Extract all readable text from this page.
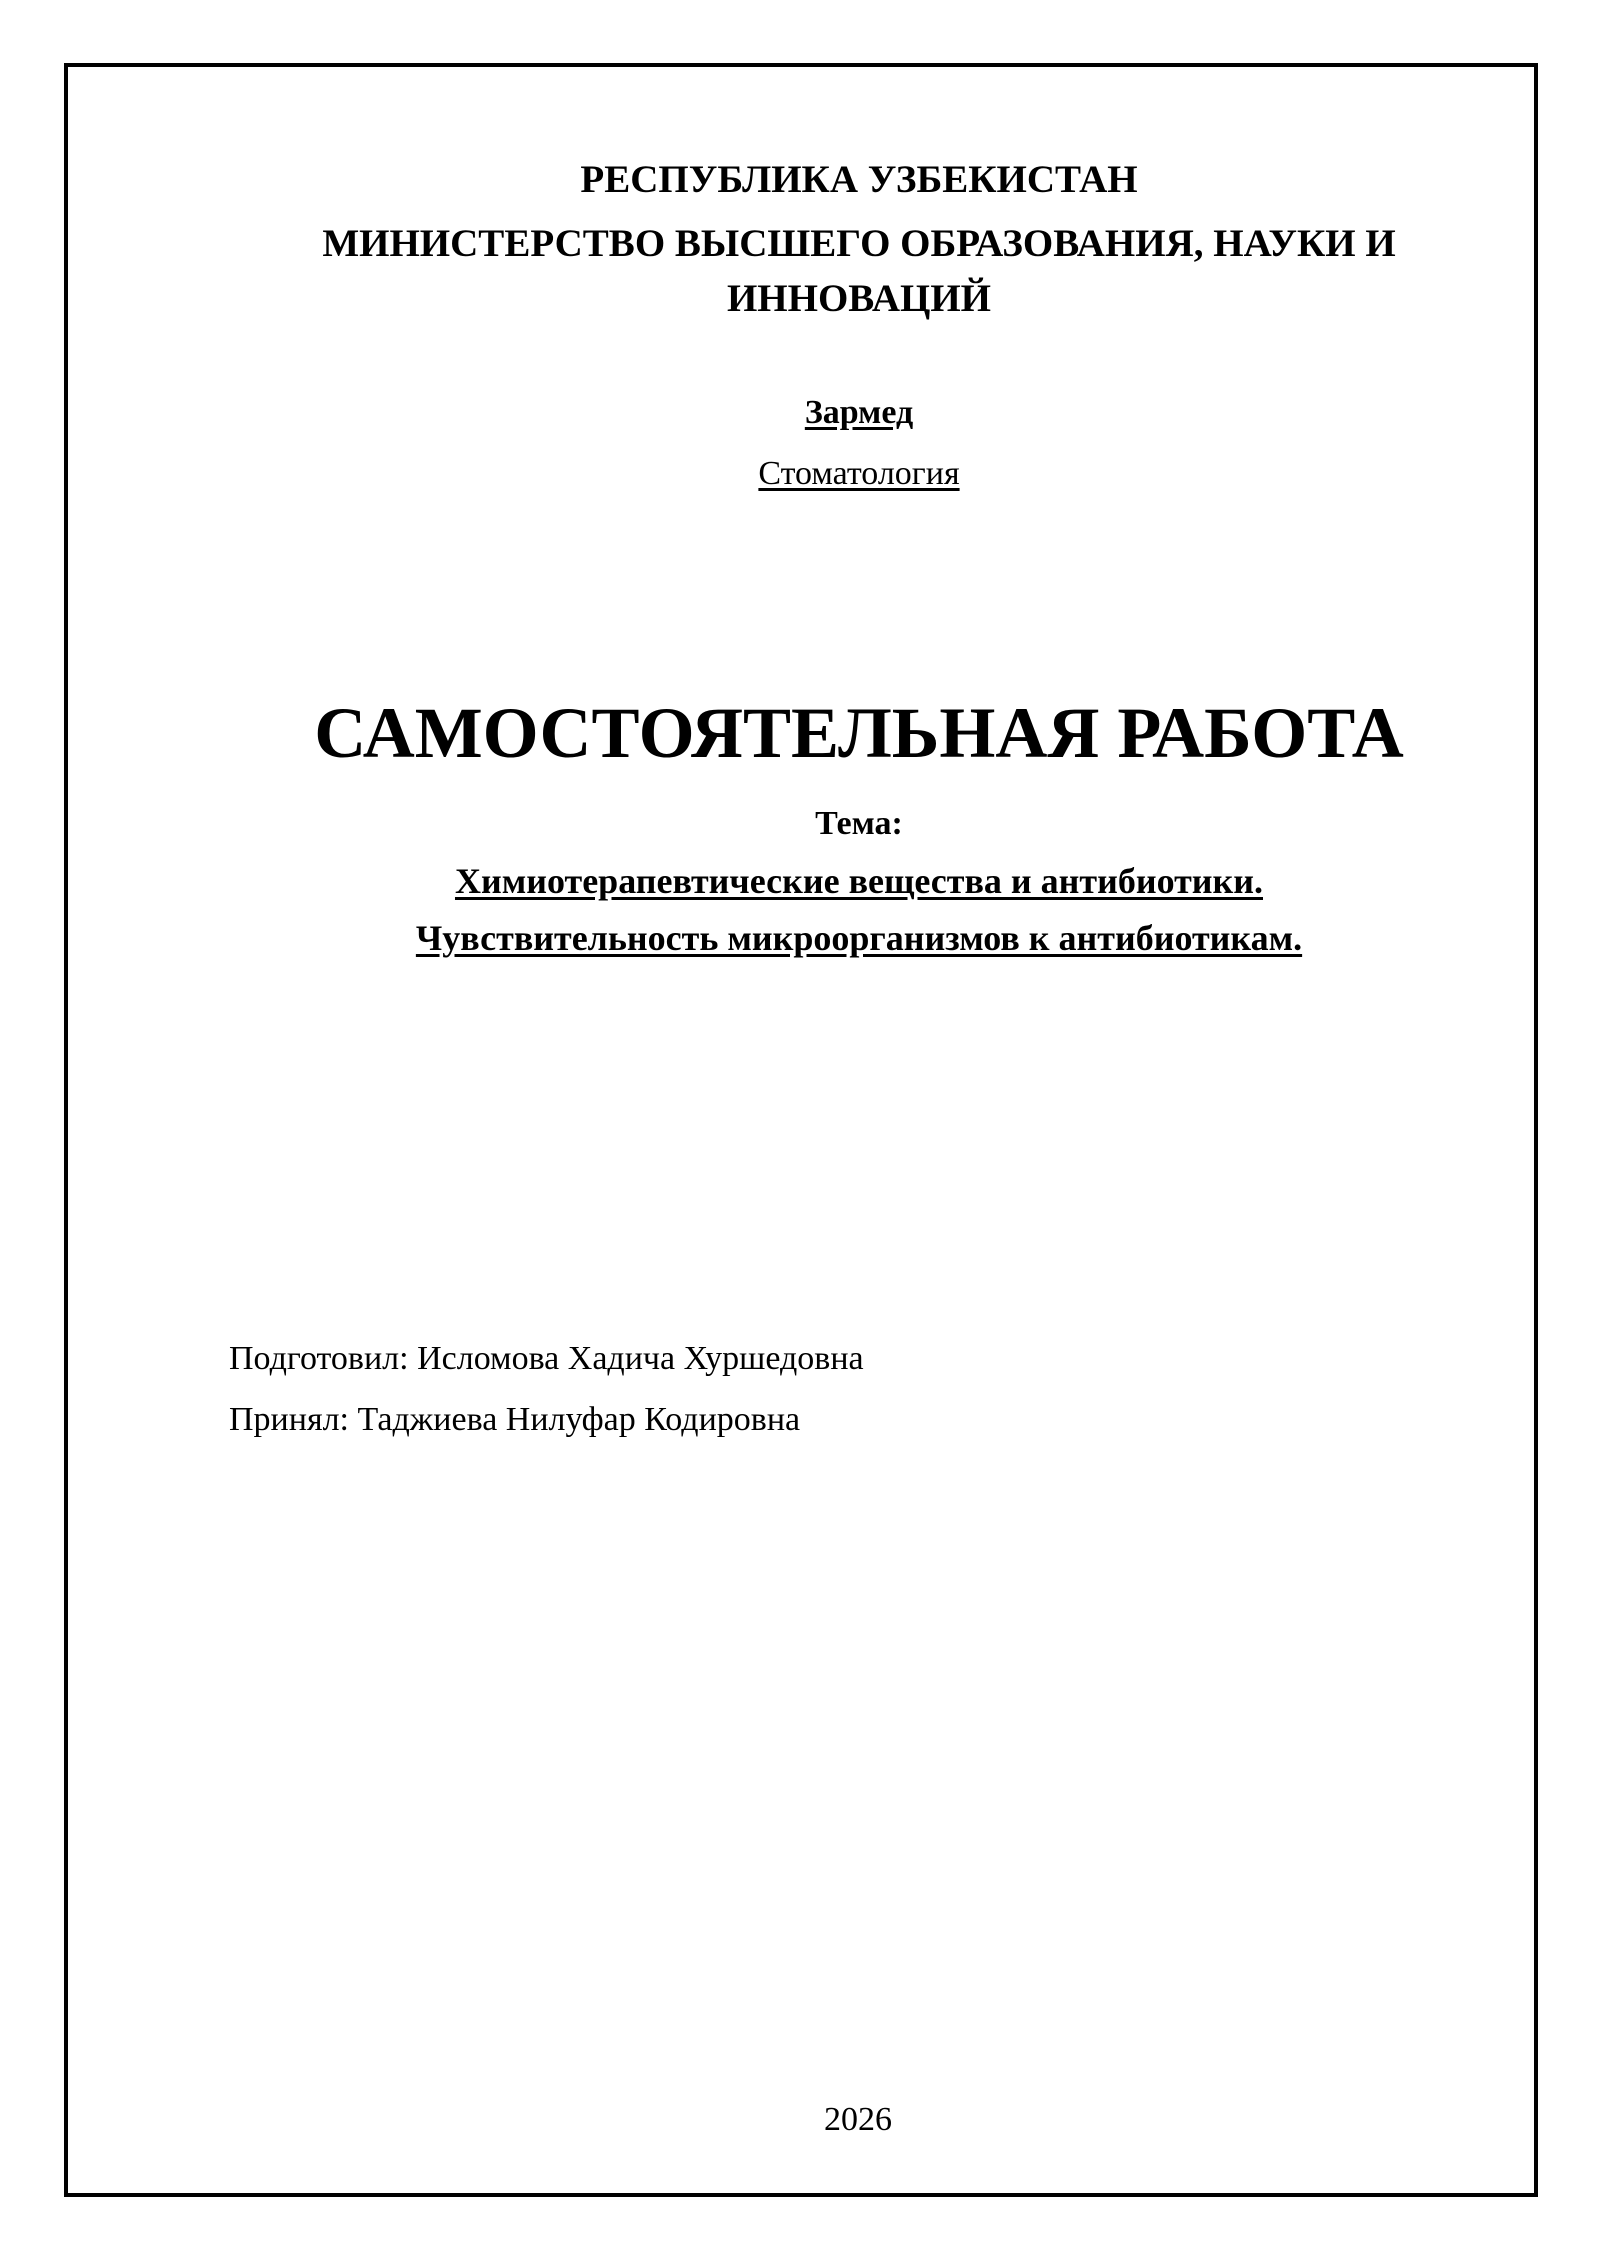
РЕСПУБЛИКА УЗБЕКИСТАН
МИНИСТЕРСТВО ВЫСШЕГО ОБРАЗОВАНИЯ, НАУКИ И
ИННОВАЦИЙ
Зармед
Стоматология
САМОСТОЯТЕЛЬНАЯ РАБОТА
Тема:
Химиотерапевтические вещества и антибиотики.
Чувствительность микроорганизмов к антибиотикам.
Подготовил: Исломова Хадича Хуршедовна
Принял: Таджиева Нилуфар Кодировна
2026
